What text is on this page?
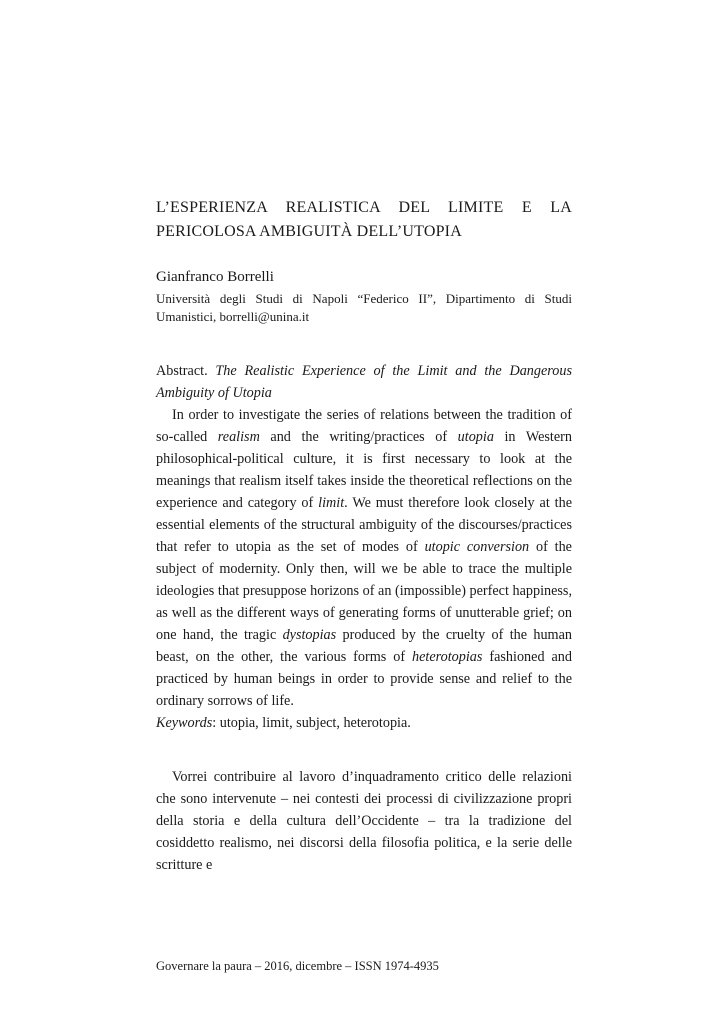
L’ESPERIENZA REALISTICA DEL LIMITE E LA PERICOLOSA AMBIGUITÀ DELL’UTOPIA

Gianfranco Borrelli

Università degli Studi di Napoli “Federico II”, Dipartimento di Studi Umanistici, borrelli@unina.it

Abstract. The Realistic Experience of the Limit and the Dangerous Ambiguity of Utopia

In order to investigate the series of relations between the tradition of so-called realism and the writing/practices of utopia in Western philosophical-political culture, it is first necessary to look at the meanings that realism itself takes inside the theoretical reflections on the experience and category of limit. We must therefore look closely at the essential elements of the structural ambiguity of the discourses/practices that refer to utopia as the set of modes of utopic conversion of the subject of modernity. Only then, will we be able to trace the multiple ideologies that presuppose horizons of an (impossible) perfect happiness, as well as the different ways of generating forms of unutterable grief; on one hand, the tragic dystopias produced by the cruelty of the human beast, on the other, the various forms of heterotopias fashioned and practiced by human beings in order to provide sense and relief to the ordinary sorrows of life.

Keywords: utopia, limit, subject, heterotopia.

Vorrei contribuire al lavoro d’inquadramento critico delle relazioni che sono intervenute – nei contesti dei processi di civilizzazione propri della storia e della cultura dell’Occidente – tra la tradizione del cosiddetto realismo, nei discorsi della filosofia politica, e la serie delle scritture e

Governare la paura – 2016, dicembre – ISSN 1974-4935
